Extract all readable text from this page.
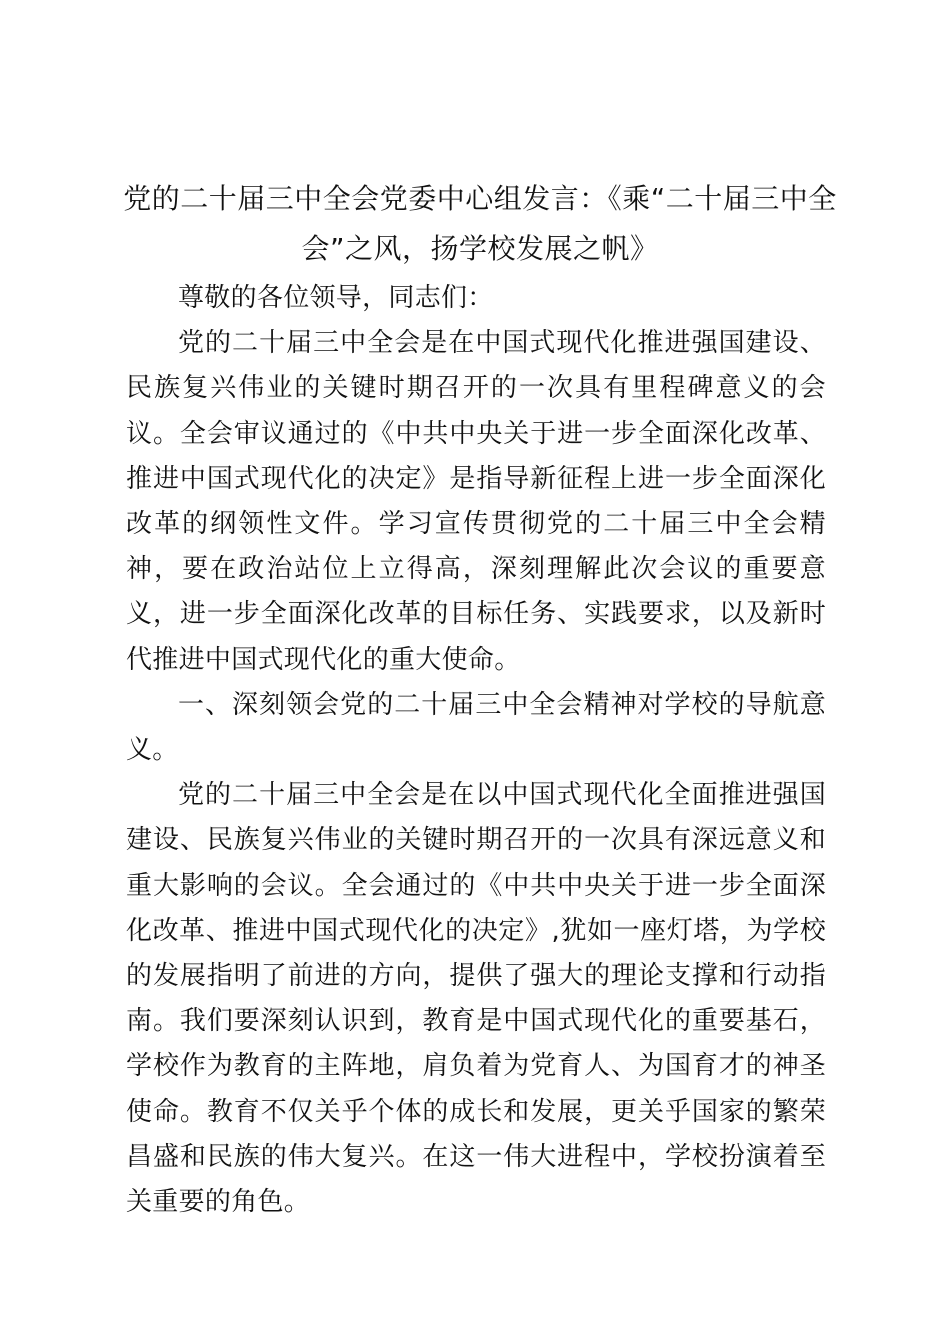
党的二十届三中全会党委中心组发言：《乘“二十届三中全会”之风，扬学校发展之帆》

尊敬的各位领导，同志们：

党的二十届三中全会是在中国式现代化推进强国建设、民族复兴伟业的关键时期召开的一次具有里程碑意义的会议。全会审议通过的《中共中央关于进一步全面深化改革、推进中国式现代化的决定》是指导新征程上进一步全面深化改革的纲领性文件。学习宣传贯彻党的二十届三中全会精神，要在政治站位上立得高，深刻理解此次会议的重要意义，进一步全面深化改革的目标任务、实践要求，以及新时代推进中国式现代化的重大使命。

一、深刻领会党的二十届三中全会精神对学校的导航意义。

党的二十届三中全会是在以中国式现代化全面推进强国建设、民族复兴伟业的关键时期召开的一次具有深远意义和重大影响的会议。全会通过的《中共中央关于进一步全面深化改革、推进中国式现代化的决定》,犹如一座灯塔，为学校的发展指明了前进的方向，提供了强大的理论支撑和行动指南。我们要深刻认识到，教育是中国式现代化的重要基石，学校作为教育的主阵地，肩负着为党育人、为国育才的神圣使命。教育不仅关乎个体的成长和发展，更关乎国家的繁荣昌盛和民族的伟大复兴。在这一伟大进程中，学校扮演着至关重要的角色。
